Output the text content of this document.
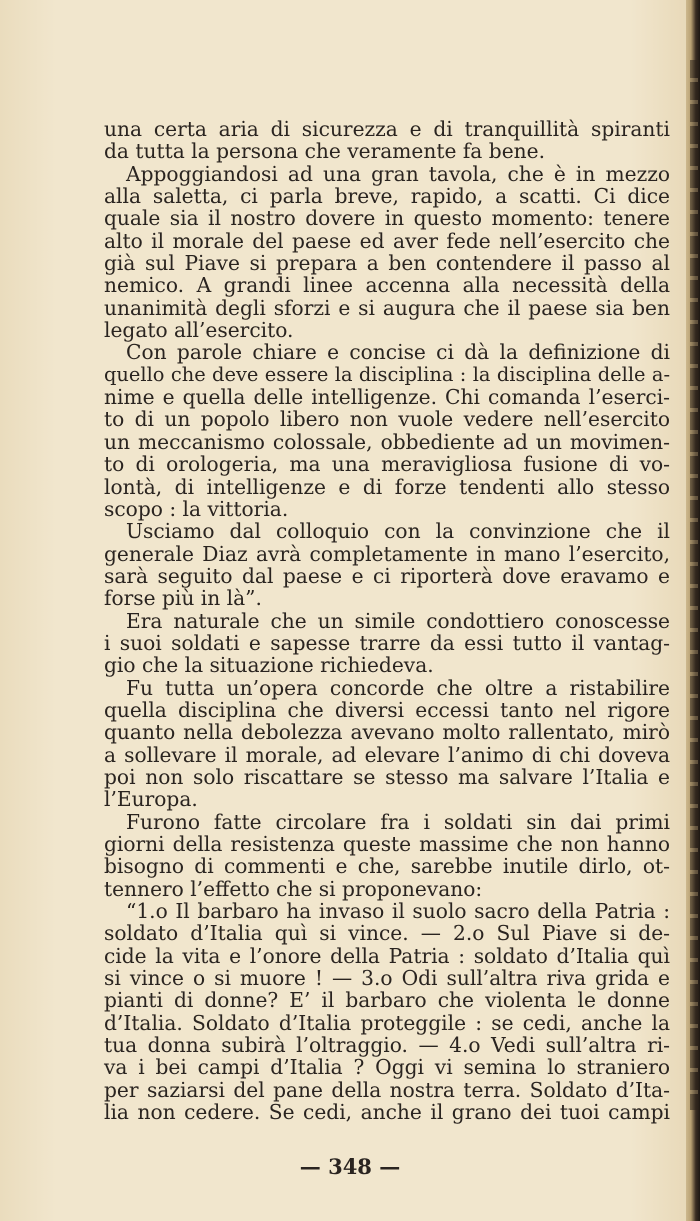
una certa aria di sicurezza e di tranquillità spiranti
da tutta la persona che veramente fa bene.
Appoggiandosi ad una gran tavola, che è in mezzo
alla saletta, ci parla breve, rapido, a scatti. Ci dice
quale sia il nostro dovere in questo momento: tenere
alto il morale del paese ed aver fede nell’esercito che
già sul Piave si prepara a ben contendere il passo al
nemico. A grandi linee accenna alla necessità della
unanimità degli sforzi e si augura che il paese sia ben
legato all’esercito.
Con parole chiare e concise ci dà la definizione di
quello che deve essere la disciplina : la disciplina delle a-
nime e quella delle intelligenze. Chi comanda l’eserci-
to di un popolo libero non vuole vedere nell’esercito
un meccanismo colossale, obbediente ad un movimen-
to di orologeria, ma una meravigliosa fusione di vo-
lontà, di intelligenze e di forze tendenti allo stesso
scopo : la vittoria.
Usciamo dal colloquio con la convinzione che il
generale Diaz avrà completamente in mano l’esercito,
sarà seguito dal paese e ci riporterà dove eravamo e
forse più in là”.
Era naturale che un simile condottiero conoscesse
i suoi soldati e sapesse trarre da essi tutto il vantag-
gio che la situazione richiedeva.
Fu tutta un’opera concorde che oltre a ristabilire
quella disciplina che diversi eccessi tanto nel rigore
quanto nella debolezza avevano molto rallentato, mirò
a sollevare il morale, ad elevare l’animo di chi doveva
poi non solo riscattare se stesso ma salvare l’Italia e
l’Europa.
Furono fatte circolare fra i soldati sin dai primi
giorni della resistenza queste massime che non hanno
bisogno di commenti e che, sarebbe inutile dirlo, ot-
tennero l’effetto che si proponevano:
“1.o Il barbaro ha invaso il suolo sacro della Patria :
soldato d’Italia quì si vince. — 2.o Sul Piave si de-
cide la vita e l’onore della Patria : soldato d’Italia quì
si vince o si muore ! — 3.o Odi sull’altra riva grida e
pianti di donne? E’ il barbaro che violenta le donne
d’Italia. Soldato d’Italia proteggile : se cedi, anche la
tua donna subirà l’oltraggio. — 4.o Vedi sull’altra ri-
va i bei campi d’Italia ? Oggi vi semina lo straniero
per saziarsi del pane della nostra terra. Soldato d’Ita-
lia non cedere. Se cedi, anche il grano dei tuoi campi
— 348 —
